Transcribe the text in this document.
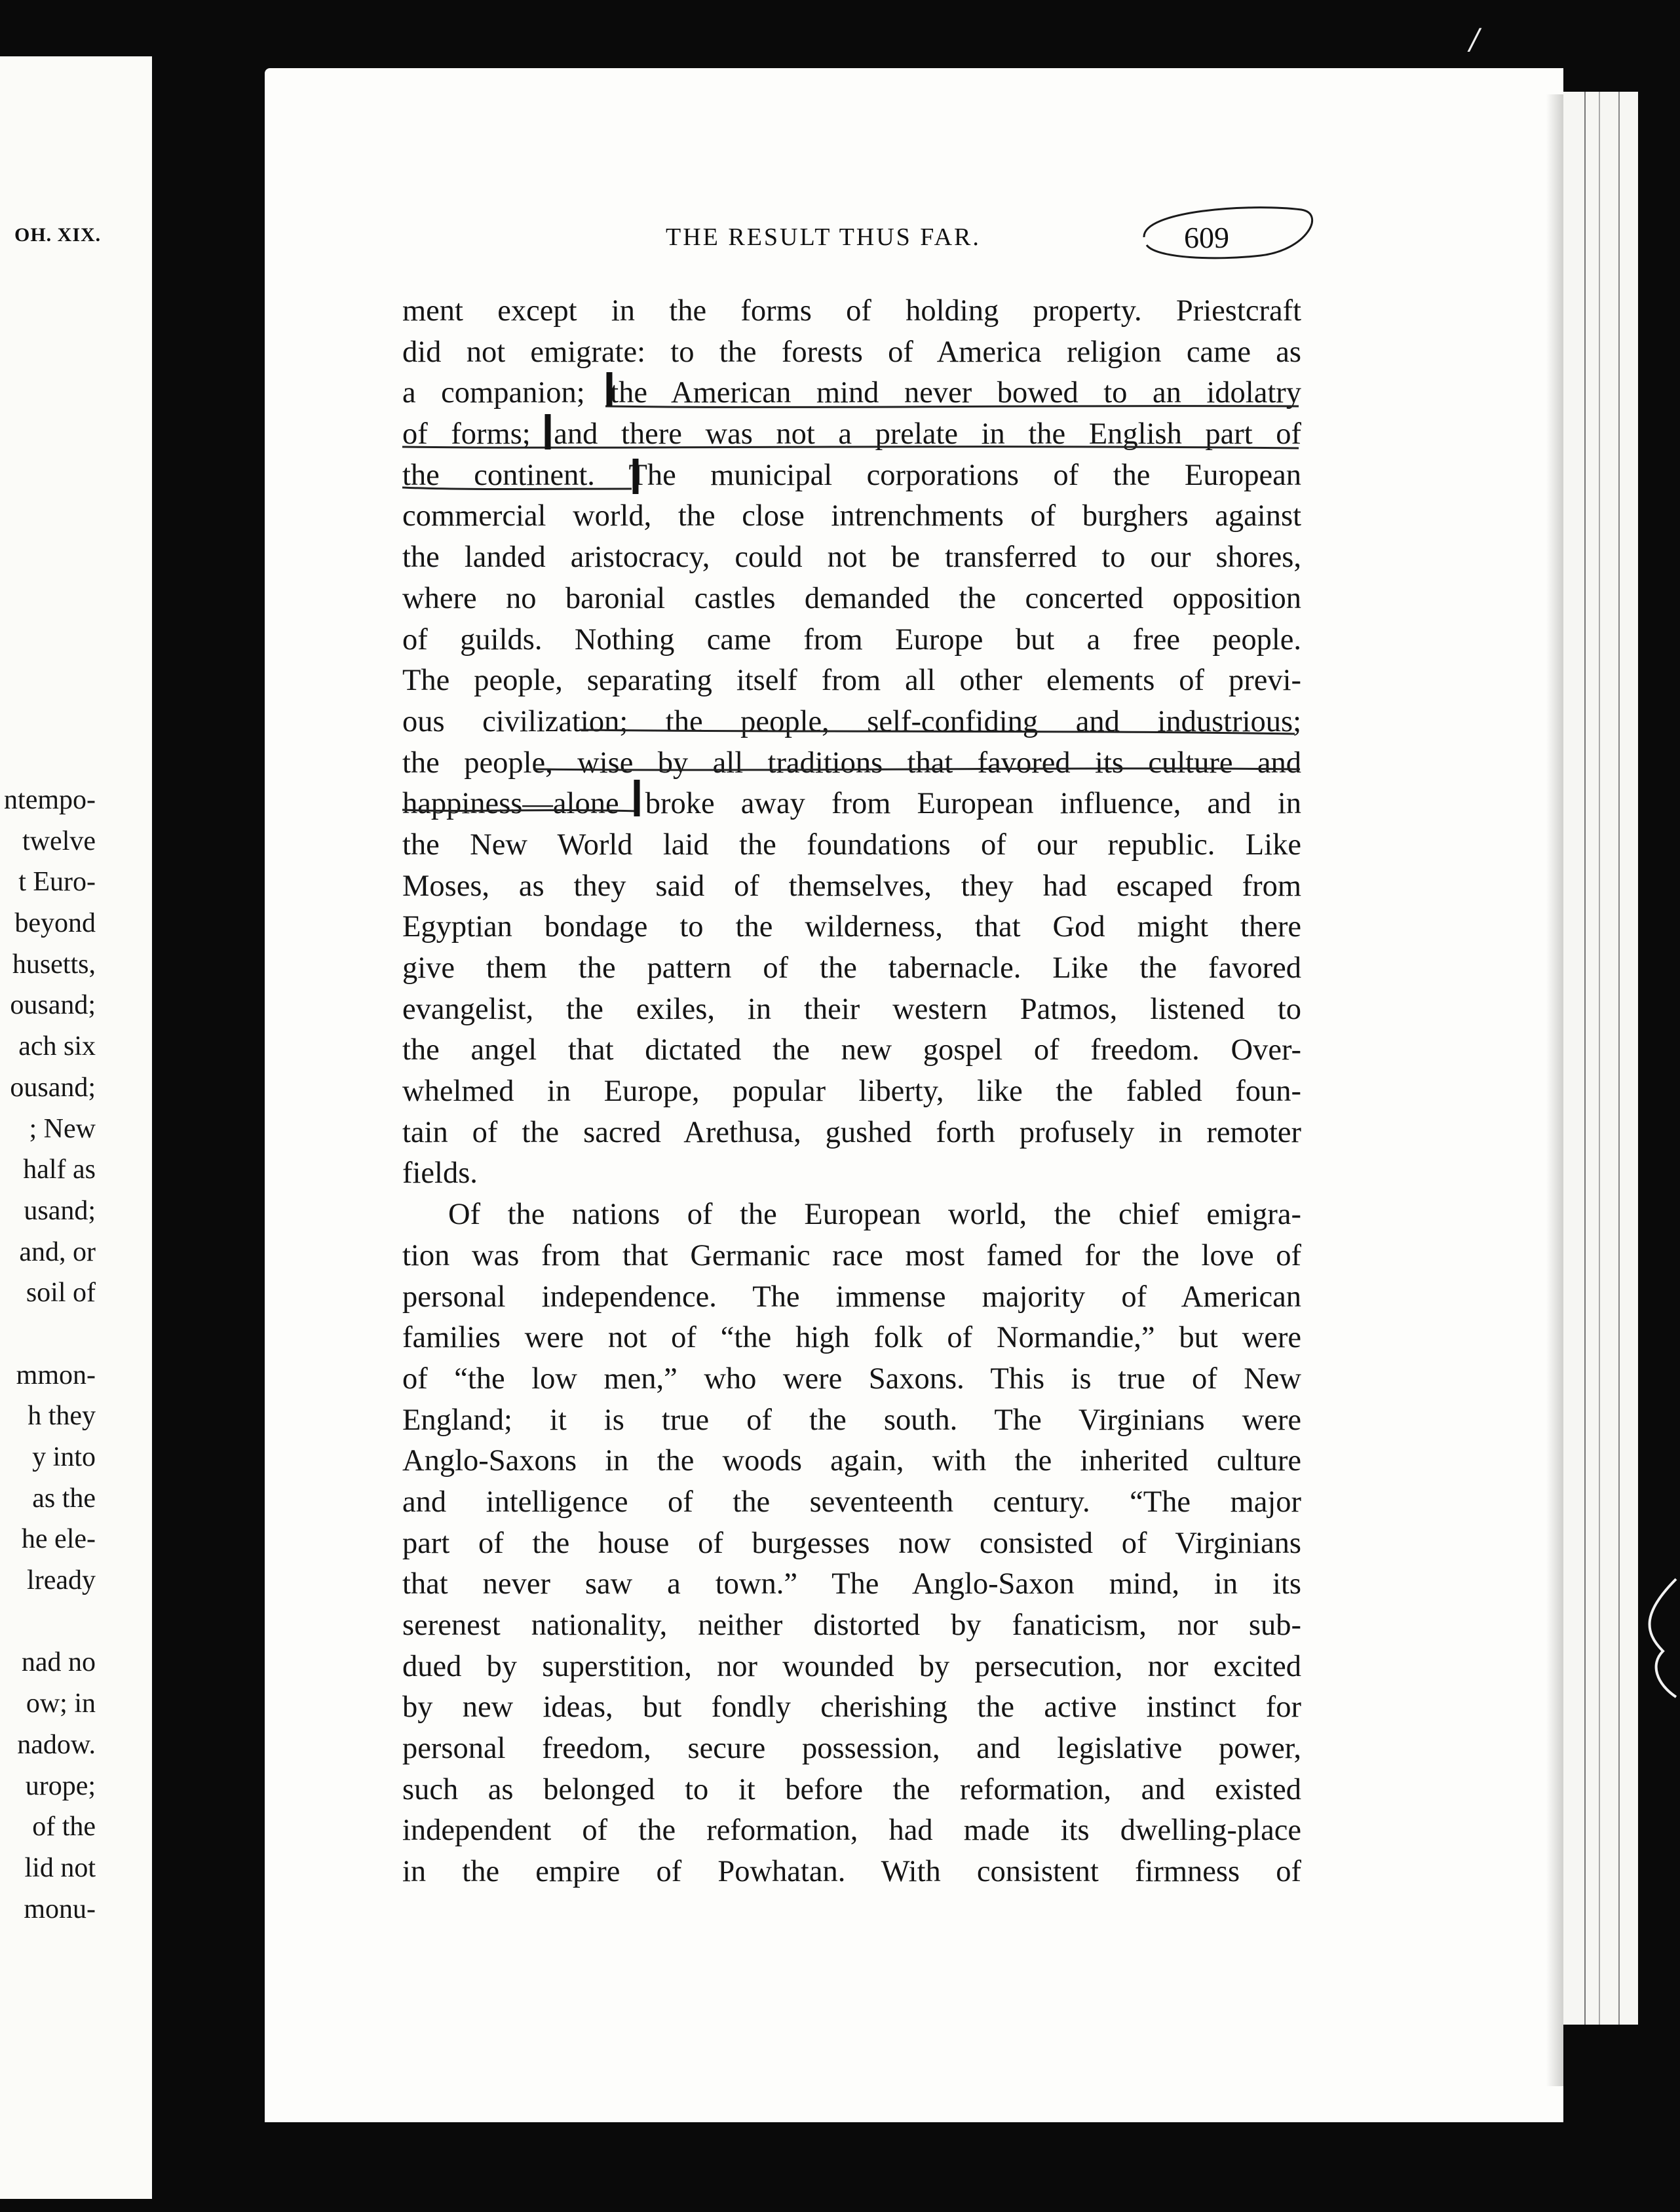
OH. XIX.
ntempo-
twelve
t Euro-
beyond
husetts,
ousand;
ach six
ousand;
; New
half as
usand;
and, or
soil of
mmon-
h they
y into
as the
he ele-
lready
nad no
ow; in
nadow.
urope;
of the
lid not
monu-
/
THE RESULT THUS FAR.	609
ment except in the forms of holding property. Priestcraft
did not emigrate: to the forests of America religion came as
a companion; the American mind never bowed to an idolatry
of forms; and there was not a prelate in the English part of
the continent. The municipal corporations of the European
commercial world, the close intrenchments of burghers against
the landed aristocracy, could not be transferred to our shores,
where no baronial castles demanded the concerted opposition
of guilds. Nothing came from Europe but a free people.
The people, separating itself from all other elements of previ-
ous civilization; the people, self-confiding and industrious;
the people, wise by all traditions that favored its culture and
happiness—alone broke away from European influence, and in
the New World laid the foundations of our republic. Like
Moses, as they said of themselves, they had escaped from
Egyptian bondage to the wilderness, that God might there
give them the pattern of the tabernacle. Like the favored
evangelist, the exiles, in their western Patmos, listened to
the angel that dictated the new gospel of freedom. Over-
whelmed in Europe, popular liberty, like the fabled foun-
tain of the sacred Arethusa, gushed forth profusely in remoter
fields.
Of the nations of the European world, the chief emigra-
tion was from that Germanic race most famed for the love of
personal independence. The immense majority of American
families were not of “the high folk of Normandie,” but were
of “the low men,” who were Saxons. This is true of New
England; it is true of the south. The Virginians were
Anglo-Saxons in the woods again, with the inherited culture
and intelligence of the seventeenth century. “The major
part of the house of burgesses now consisted of Virginians
that never saw a town.” The Anglo-Saxon mind, in its
serenest nationality, neither distorted by fanaticism, nor sub-
dued by superstition, nor wounded by persecution, nor excited
by new ideas, but fondly cherishing the active instinct for
personal freedom, secure possession, and legislative power,
such as belonged to it before the reformation, and existed
independent of the reformation, had made its dwelling-place
in the empire of Powhatan. With consistent firmness of
